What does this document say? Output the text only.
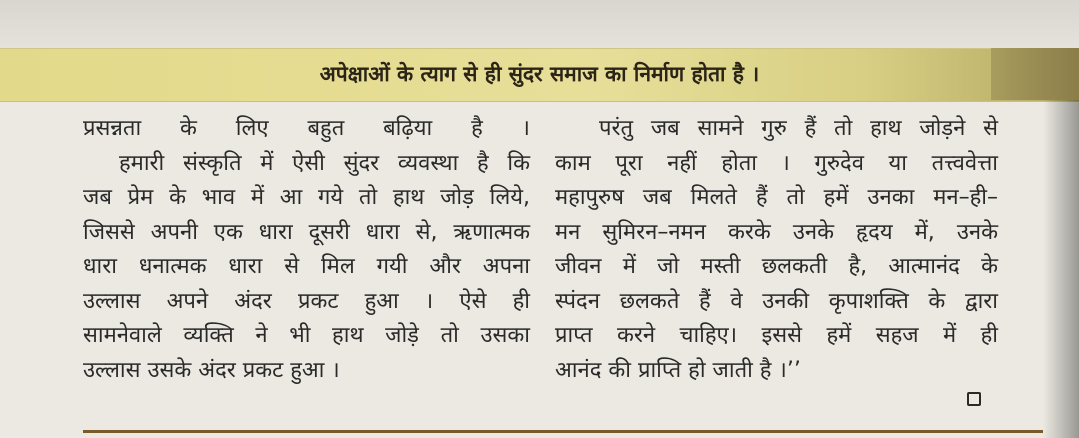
अपेक्षाओं के त्याग से ही सुंदर समाज का निर्माण होता है ।
प्रसन्नता के लिए बहुत बढ़िया है ।
हमारी संस्कृति में ऐसी सुंदर व्यवस्था है कि
जब प्रेम के भाव में आ गये तो हाथ जोड़ लिये,
जिससे अपनी एक धारा दूसरी धारा से, ऋणात्मक
धारा धनात्मक धारा से मिल गयी और अपना
उल्लास अपने अंदर प्रकट हुआ । ऐसे ही
सामनेवाले व्यक्ति ने भी हाथ जोड़े तो उसका
उल्लास उसके अंदर प्रकट हुआ ।
परंतु जब सामने गुरु हैं तो हाथ जोड़ने से
काम पूरा नहीं होता । गुरुदेव या तत्त्ववेत्ता
महापुरुष जब मिलते हैं तो हमें उनका मन–ही–
मन सुमिरन–नमन करके उनके हृदय में, उनके
जीवन में जो मस्ती छलकती है, आत्मानंद के
स्पंदन छलकते हैं वे उनकी कृपाशक्ति के द्वारा
प्राप्त करने चाहिए। इससे हमें सहज में ही
आनंद की प्राप्ति हो जाती है ।’’
